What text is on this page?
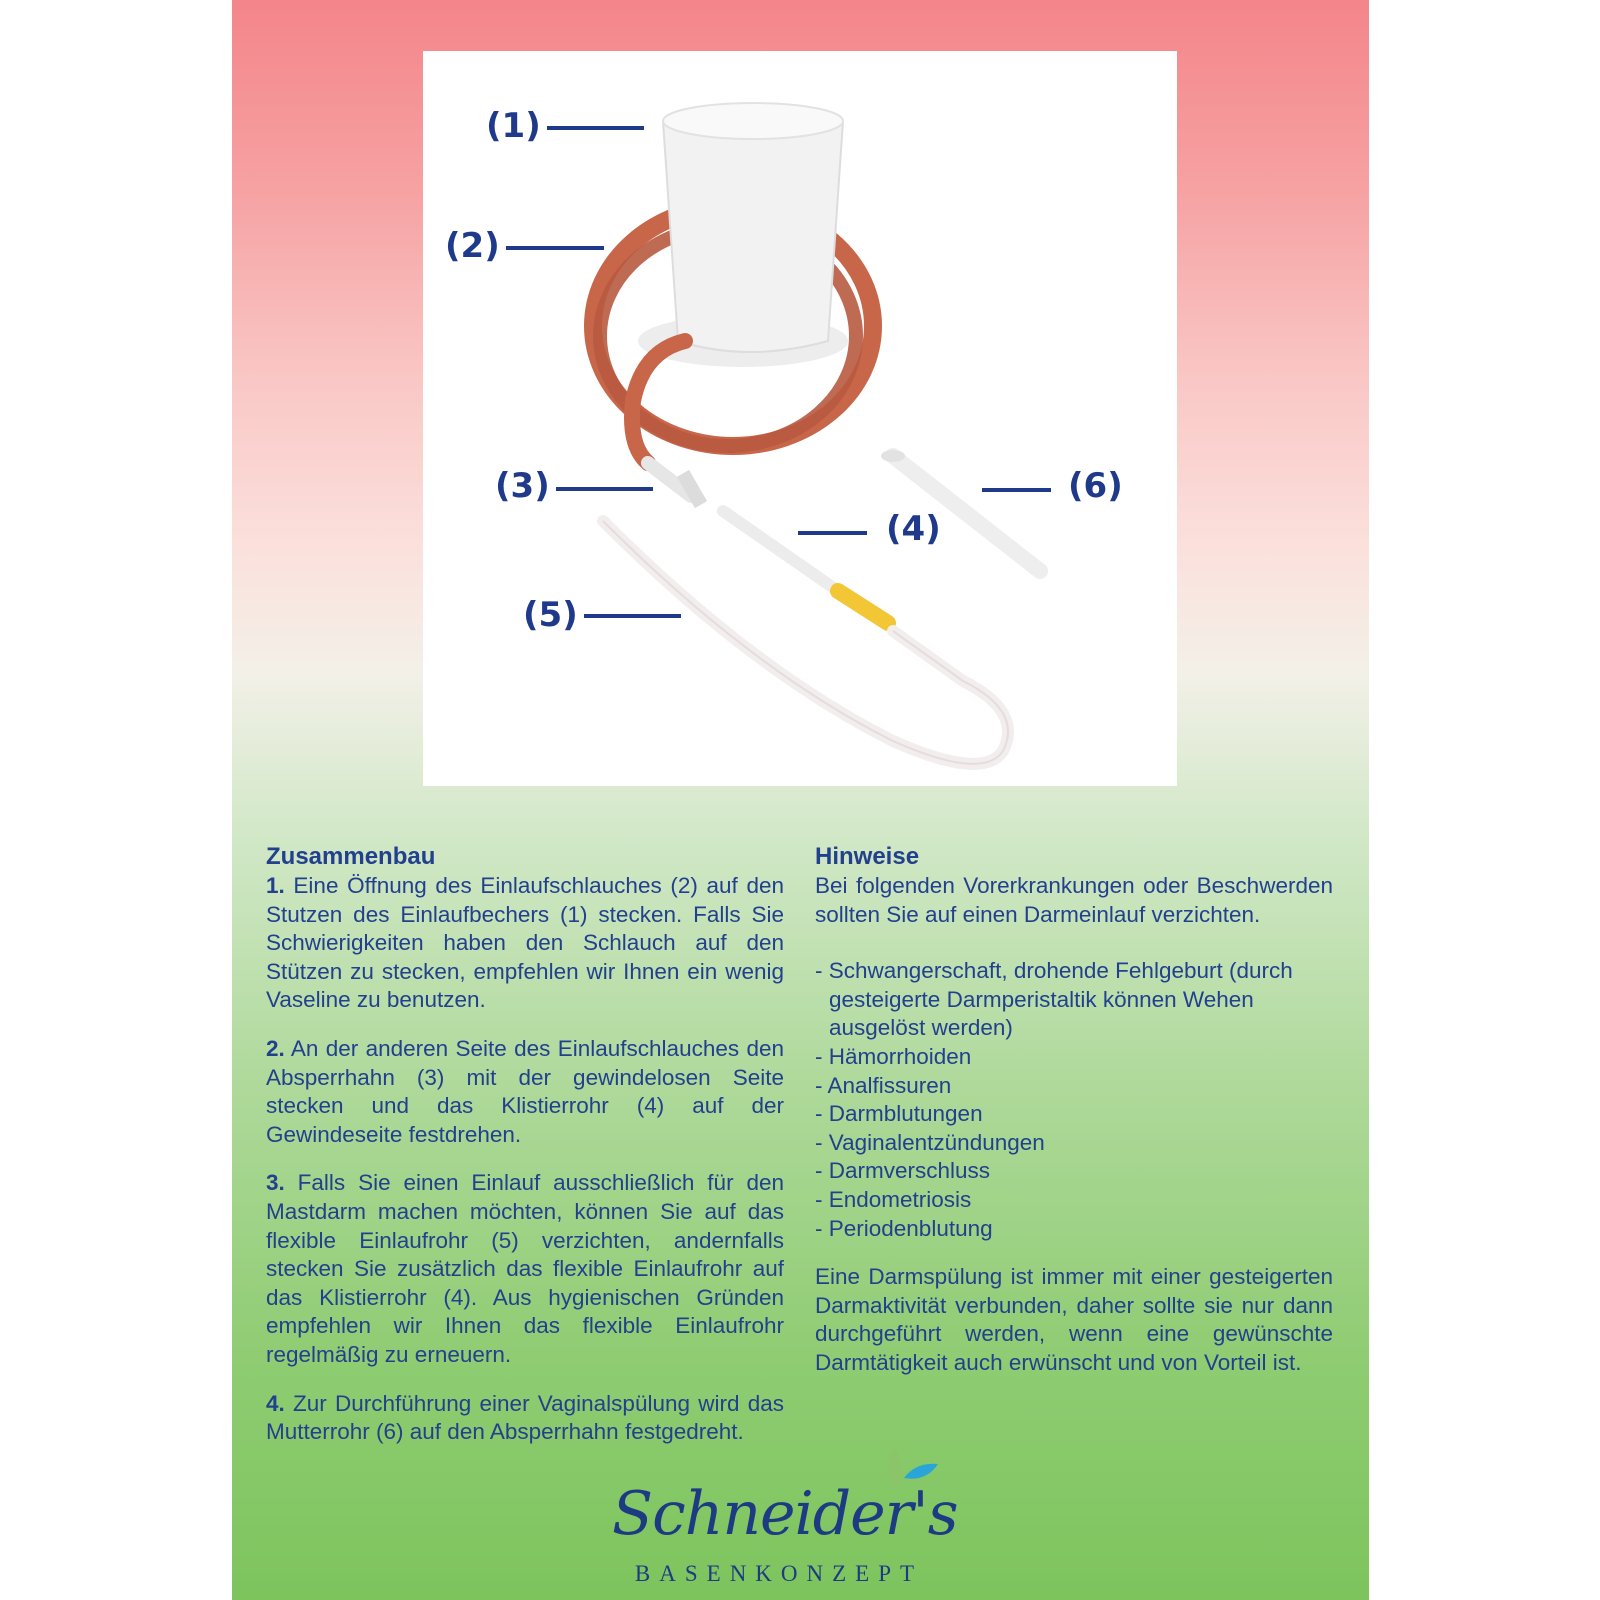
(1)
(2)
(3)
(4)
(5)
(6)
Zusammenbau

1. Eine Öffnung des Einlaufschlauches (2) auf den Stutzen des Einlaufbechers (1) stecken. Falls Sie Schwierigkeiten haben den Schlauch auf den Stützen zu stecken, empfehlen wir Ihnen ein wenig Vaseline zu benutzen.

2. An der anderen Seite des Einlaufschlauches den Absperrhahn (3) mit der gewindelosen Seite stecken und das Klistierrohr (4) auf der Gewindeseite festdrehen.

3. Falls Sie einen Einlauf ausschließlich für den Mastdarm machen möchten, können Sie auf das flexible Einlaufrohr (5) verzichten, andernfalls stecken Sie zusätzlich das flexible Einlaufrohr auf das Klistierrohr (4). Aus hygienischen Gründen empfehlen wir Ihnen das flexible Einlaufrohr regelmäßig zu erneuern.

4. Zur Durchführung einer Vaginalspülung wird das Mutterrohr (6) auf den Absperrhahn festgedreht.

Hinweise

Bei folgenden Vorerkrankungen oder Beschwerden sollten Sie auf einen Darmeinlauf verzichten.

- Schwangerschaft, drohende Fehlgeburt (durch gesteigerte Darmperistaltik können Wehen ausgelöst werden)
- Hämorrhoiden
- Analfissuren
- Darmblutungen
- Vaginalentzündungen
- Darmverschluss
- Endometriosis
- Periodenblutung

Eine Darmspülung ist immer mit einer gesteigerten Darmaktivität verbunden, daher sollte sie nur dann durchgeführt werden, wenn eine gewünschte Darmtätigkeit auch erwünscht und von Vorteil ist.

Schneider's
BASENKONZEPT
